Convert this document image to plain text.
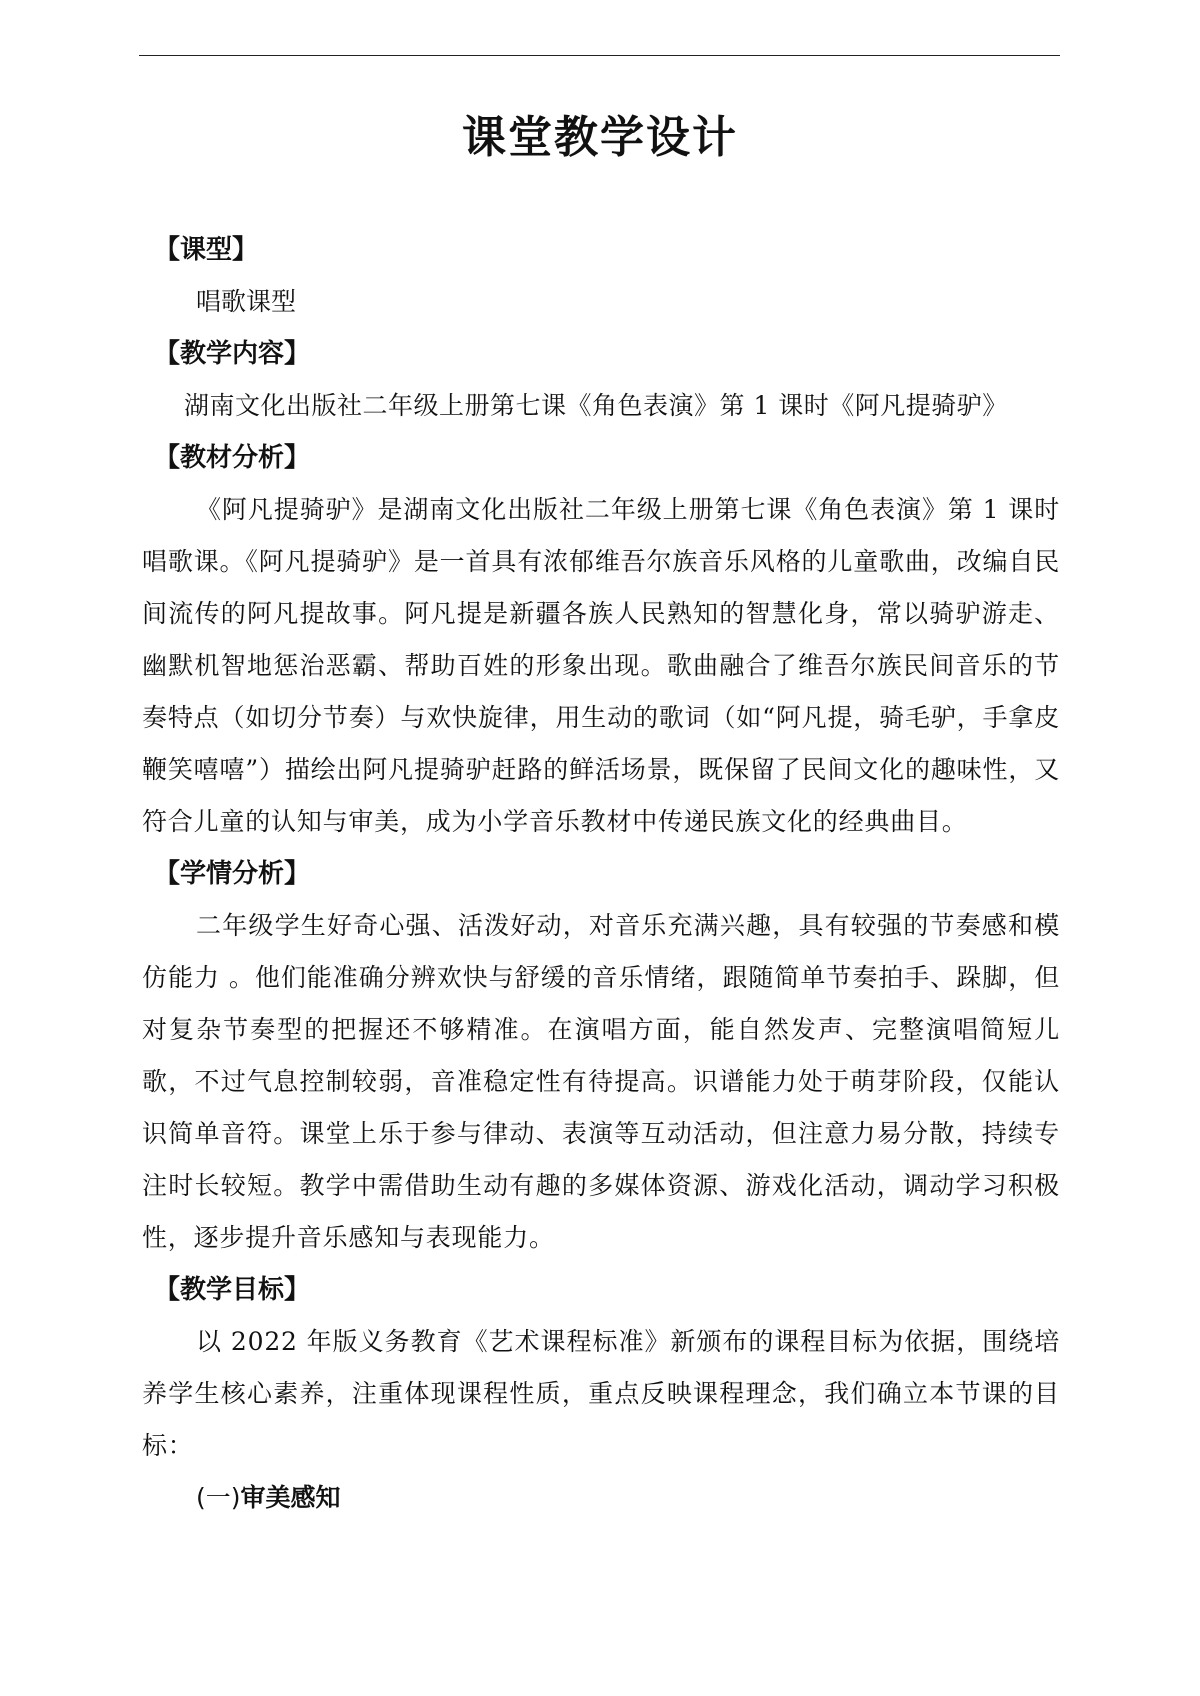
课堂教学设计

【课型】

唱歌课型

【教学内容】

湖南文化出版社二年级上册第七课《角色表演》第 1 课时《阿凡提骑驴》

【教材分析】

《阿凡提骑驴》是湖南文化出版社二年级上册第七课《角色表演》第 1 课时唱歌课。《阿凡提骑驴》是一首具有浓郁维吾尔族音乐风格的儿童歌曲，改编自民间流传的阿凡提故事。阿凡提是新疆各族人民熟知的智慧化身，常以骑驴游走、幽默机智地惩治恶霸、帮助百姓的形象出现。歌曲融合了维吾尔族民间音乐的节奏特点（如切分节奏）与欢快旋律，用生动的歌词（如“阿凡提，骑毛驴，手拿皮鞭笑嘻嘻”）描绘出阿凡提骑驴赶路的鲜活场景，既保留了民间文化的趣味性，又符合儿童的认知与审美，成为小学音乐教材中传递民族文化的经典曲目。

【学情分析】

二年级学生好奇心强、活泼好动，对音乐充满兴趣，具有较强的节奏感和模仿能力 。他们能准确分辨欢快与舒缓的音乐情绪，跟随简单节奏拍手、跺脚，但对复杂节奏型的把握还不够精准。在演唱方面，能自然发声、完整演唱简短儿歌，不过气息控制较弱，音准稳定性有待提高。识谱能力处于萌芽阶段，仅能认识简单音符。课堂上乐于参与律动、表演等互动活动，但注意力易分散，持续专注时长较短。教学中需借助生动有趣的多媒体资源、游戏化活动，调动学习积极性，逐步提升音乐感知与表现能力。

【教学目标】

以 2022 年版义务教育《艺术课程标准》新颁布的课程目标为依据，围绕培养学生核心素养，注重体现课程性质，重点反映课程理念，我们确立本节课的目标：

(一)审美感知
